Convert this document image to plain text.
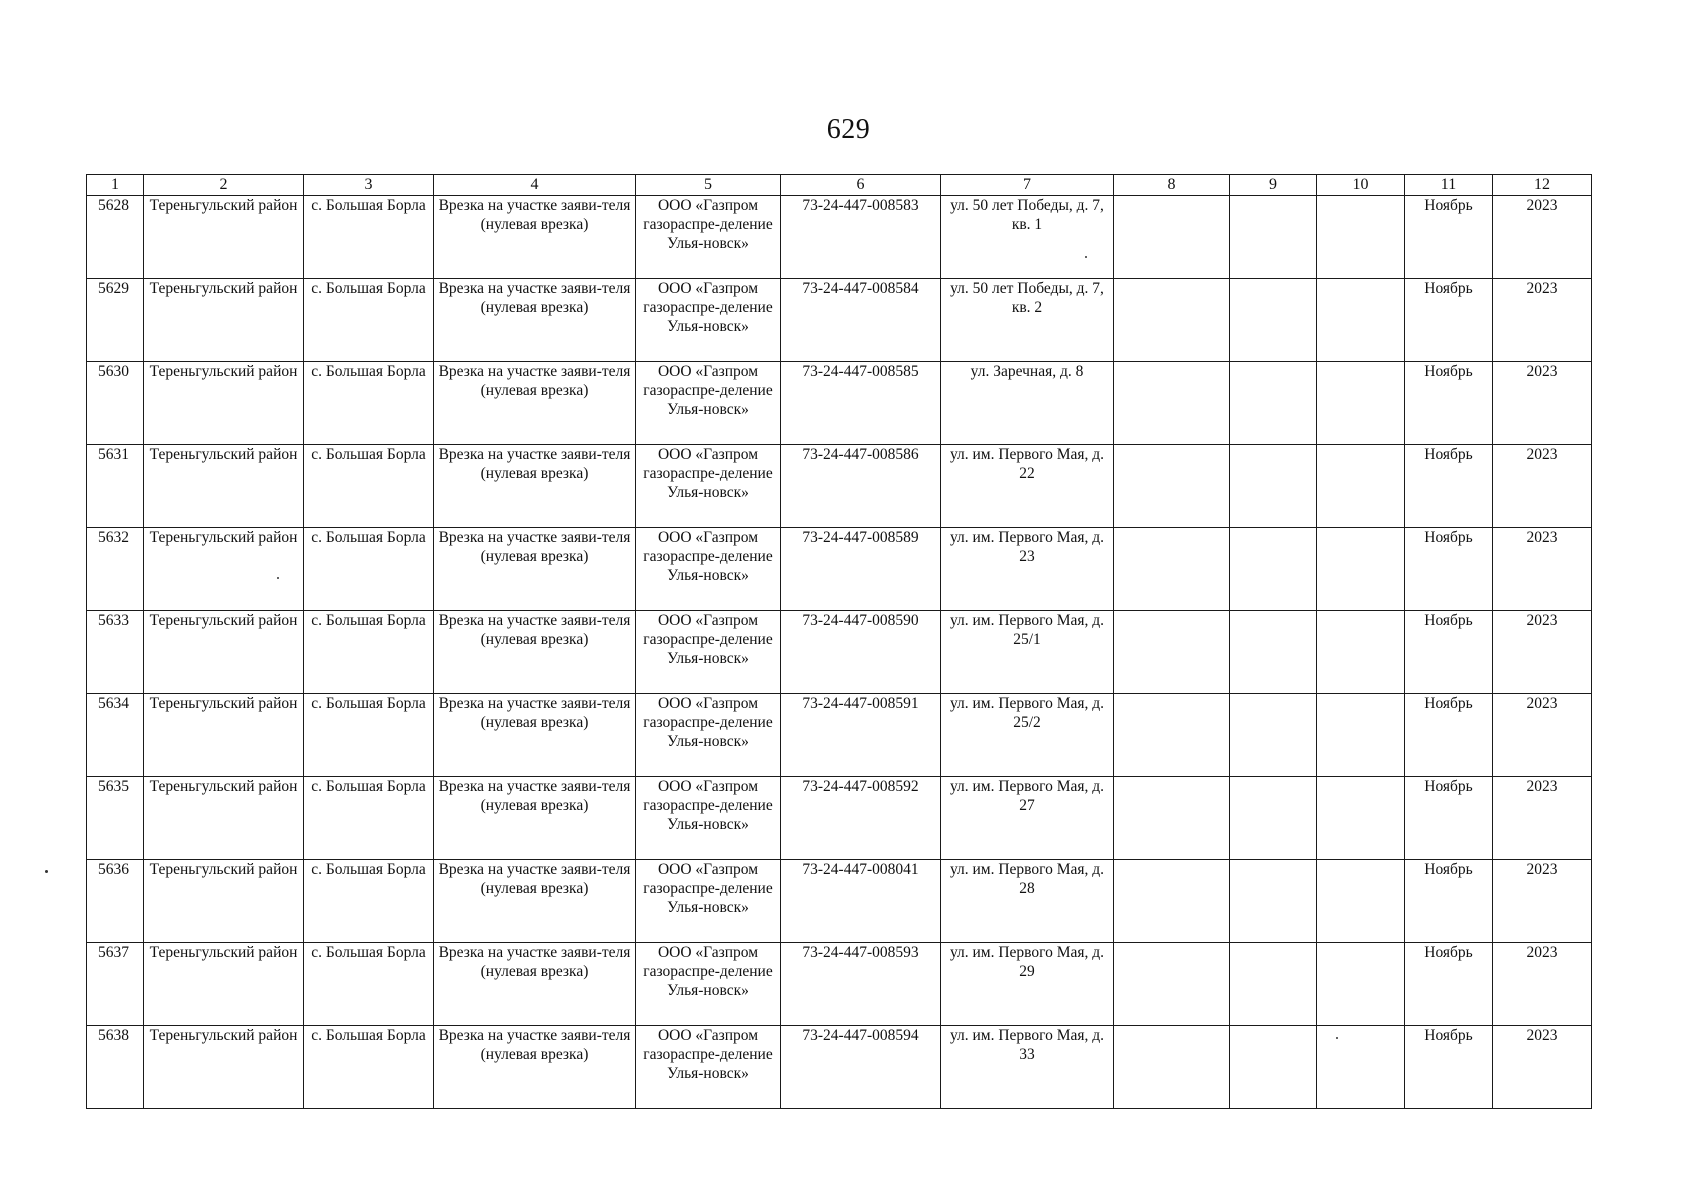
629
1	2	3	4	5	6	7	8	9	10	11	12
5628	Тереньгульский район	с. Большая Борла	Врезка на участке заяви-теля (нулевая врезка)	ООО «Газпром газораспре-деление Улья-новск»	73-24-447-008583	ул. 50 лет Победы, д. 7, кв. 1				Ноябрь	2023
5629	Тереньгульский район	с. Большая Борла	Врезка на участке заяви-теля (нулевая врезка)	ООО «Газпром газораспре-деление Улья-новск»	73-24-447-008584	ул. 50 лет Победы, д. 7, кв. 2				Ноябрь	2023
5630	Тереньгульский район	с. Большая Борла	Врезка на участке заяви-теля (нулевая врезка)	ООО «Газпром газораспре-деление Улья-новск»	73-24-447-008585	ул. Заречная, д. 8				Ноябрь	2023
5631	Тереньгульский район	с. Большая Борла	Врезка на участке заяви-теля (нулевая врезка)	ООО «Газпром газораспре-деление Улья-новск»	73-24-447-008586	ул. им. Первого Мая, д. 22				Ноябрь	2023
5632	Тереньгульский район	с. Большая Борла	Врезка на участке заяви-теля (нулевая врезка)	ООО «Газпром газораспре-деление Улья-новск»	73-24-447-008589	ул. им. Первого Мая, д. 23				Ноябрь	2023
5633	Тереньгульский район	с. Большая Борла	Врезка на участке заяви-теля (нулевая врезка)	ООО «Газпром газораспре-деление Улья-новск»	73-24-447-008590	ул. им. Первого Мая, д. 25/1				Ноябрь	2023
5634	Тереньгульский район	с. Большая Борла	Врезка на участке заяви-теля (нулевая врезка)	ООО «Газпром газораспре-деление Улья-новск»	73-24-447-008591	ул. им. Первого Мая, д. 25/2				Ноябрь	2023
5635	Тереньгульский район	с. Большая Борла	Врезка на участке заяви-теля (нулевая врезка)	ООО «Газпром газораспре-деление Улья-новск»	73-24-447-008592	ул. им. Первого Мая, д. 27				Ноябрь	2023
5636	Тереньгульский район	с. Большая Борла	Врезка на участке заяви-теля (нулевая врезка)	ООО «Газпром газораспре-деление Улья-новск»	73-24-447-008041	ул. им. Первого Мая, д. 28				Ноябрь	2023
5637	Тереньгульский район	с. Большая Борла	Врезка на участке заяви-теля (нулевая врезка)	ООО «Газпром газораспре-деление Улья-новск»	73-24-447-008593	ул. им. Первого Мая, д. 29				Ноябрь	2023
5638	Тереньгульский район	с. Большая Борла	Врезка на участке заяви-теля (нулевая врезка)	ООО «Газпром газораспре-деление Улья-новск»	73-24-447-008594	ул. им. Первого Мая, д. 33				Ноябрь	2023
